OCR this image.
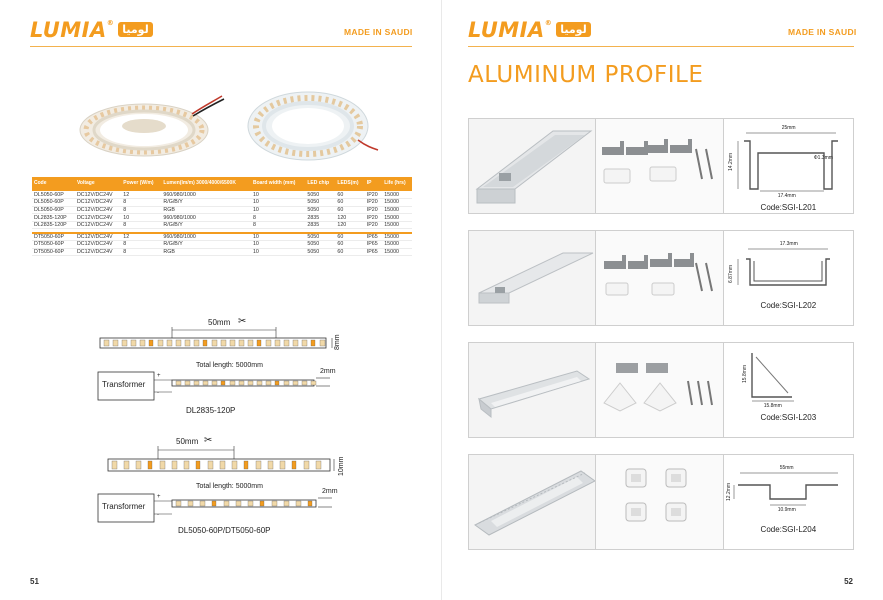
LUMIA® لوميا	MADE IN SAUDI
Code	Voltage	Power (W/m)	Lumen(lm/m) 3000/4000/6500K	Board width (mm)	LED chip	LEDS(m)	IP	Life (hrs)
DL5050-60P	DC12V/DC24V	12	960/980/1000	10	5050	60	IP20	15000
DL5050-60P	DC12V/DC24V	8	R/G/B/Y	10	5050	60	IP20	15000
DL5050-60P	DC12V/DC24V	8	RGB	10	5050	60	IP20	15000
DL2835-120P	DC12V/DC24V	10	960/980/1000	8	2835	120	IP20	15000
DL2835-120P	DC12V/DC24V	8	R/G/B/Y	8	2835	120	IP20	15000

DT5050-60P	DC12V/DC24V	12	960/980/1000	10	5050	60	IP65	15000
DT5050-60P	DC12V/DC24V	8	R/G/B/Y	10	5050	60	IP65	15000
DT5050-60P	DC12V/DC24V	8	RGB	10	5050	60	IP65	15000
50mm ✂
8mm
Total length: 5000mm
Transformer
+
-
2mm
DL2835-120P
50mm ✂
10mm
Total length: 5000mm
Transformer
+
-
2mm
DL5050-60P/DT5050-60P
51
LUMIA® لوميا	MADE IN SAUDI
ALUMINUM PROFILE
25mm
14.2mm	Φ1.3mm
17.4mm
Code:SGI-L201
17.3mm
6.87mm
Code:SGI-L202
15.8mm
15.8mm
Code:SGI-L203
55mm
12.2mm
10.9mm
Code:SGI-L204
52
